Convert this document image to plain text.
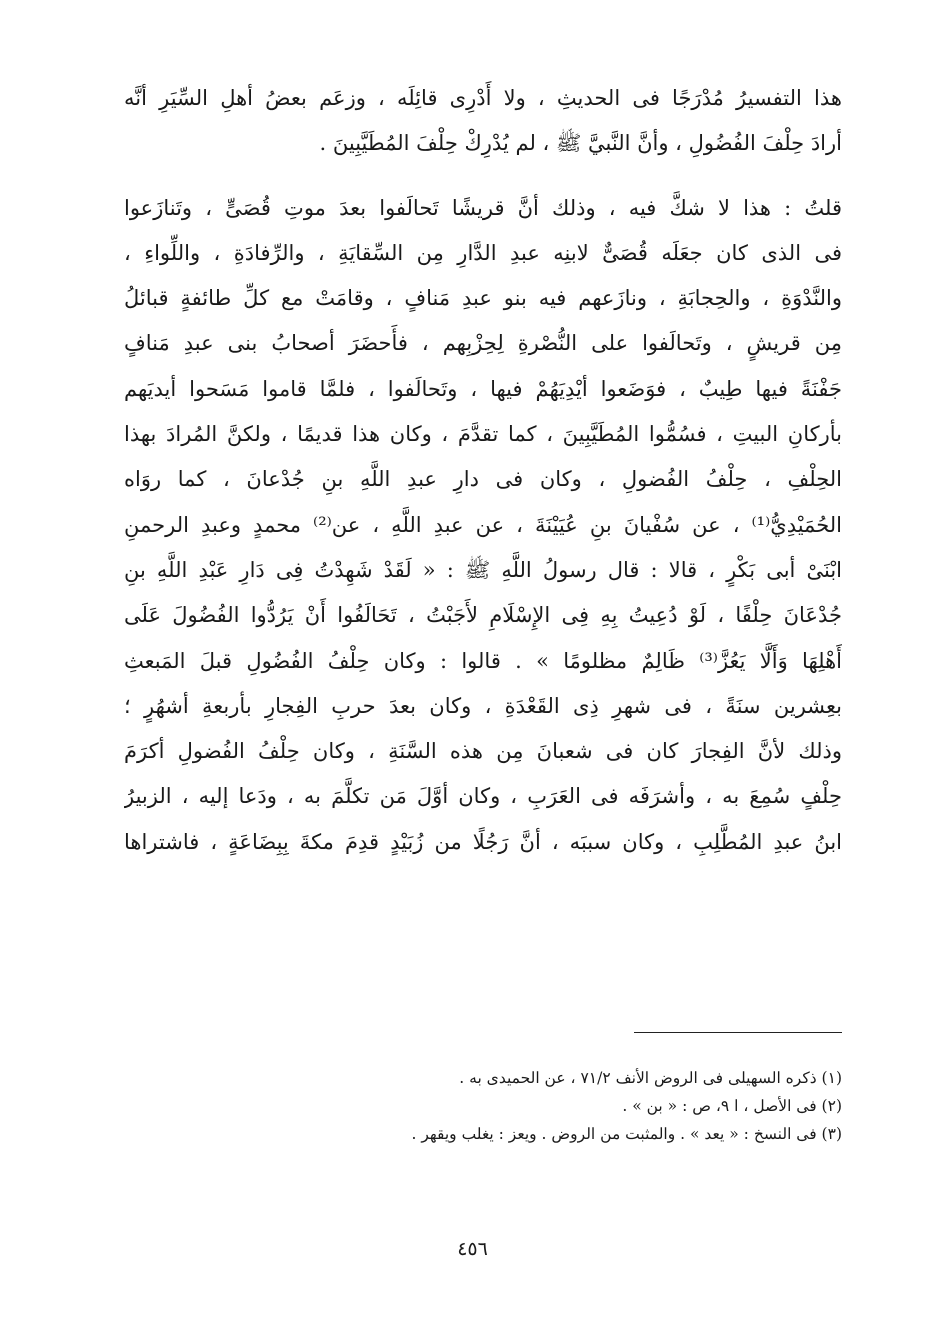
هذا التفسيرُ مُدْرَجًا فى الحديثِ ، ولا أَدْرِى قائِلَه ، وزعَم بعضُ أهلِ السِّيَرِ أنَّه
أرادَ حِلْفَ الفُضُولِ ، وأنَّ النَّبيَّ ﷺ ، لم يُدْرِكْ حِلْفَ المُطَيَّبِينَ .
قلتُ : هذا لا شكَّ فيه ، وذلك أنَّ قريشًا تَحالَفوا بعدَ موتِ قُصَىٍّ ، وتَنازَعوا
فى الذى كان جعَلَه قُصَىٌّ لابنِه عبدِ الدَّارِ مِن السِّقايَةِ ، والرِّفادَةِ ، واللِّواءِ ،
والنَّدْوَةِ ، والحِجابَةِ ، ونازَعهم فيه بنو عبدِ مَنافٍ ، وقامَتْ مع كلِّ طائفةٍ قبائلُ
مِن قريشٍ ، وتَحالَفوا على النُّصْرةِ لِحِزْبِهم ، فأَحضَرَ أصحابُ بنى عبدِ مَنافٍ
جَفْنَةً فيها طِيبٌ ، فوَضَعوا أيْدِيَهُمْ فيها ، وتَحالَفوا ، فلمَّا قاموا مَسَحوا أيديَهم
بأركانِ البيتِ ، فسُمُّوا المُطَيَّبِينَ ، كما تقدَّمَ ، وكان هذا قديمًا ، ولكنَّ المُرادَ بهذا
الحِلْفِ ، حِلْفُ الفُضولِ ، وكان فى دارِ عبدِ اللَّهِ بنِ جُدْعانَ ، كما روَاه
الحُمَيْدِيُّ⁽¹⁾ ، عن سُفْيانَ بنِ عُيَيْنَةَ ، عن عبدِ اللَّهِ ، عن⁽²⁾ محمدٍ وعبدِ الرحمنِ
ابْنَىْ أبى بَكْرٍ ، قالا : قال رسولُ اللَّهِ ﷺ : « لَقَدْ شَهِدْتُ فِى دَارِ عَبْدِ اللَّهِ بنِ
جُدْعَانَ حِلْفًا ، لَوْ دُعِيتُ بِهِ فِى الإِسْلَامِ لأَجَبْتُ ، تَحَالَفُوا أَنْ يَرُدُّوا الفُضُولَ عَلَى
أَهْلِهَا وَأَلَّا يَعُزَّ⁽³⁾ ظَالِمٌ مظلومًا » . قالوا : وكان حِلْفُ الفُضُولِ قبلَ المَبعثِ
بعِشرين سنَةً ، فى شهرِ ذِى القَعْدَةِ ، وكان بعدَ حربِ الفِجارِ بأربعةِ أشهُرٍ ؛
وذلك لأنَّ الفِجارَ كان فى شعبانَ مِن هذه السَّنَةِ ، وكان حِلْفُ الفُضولِ أكرَمَ
حِلْفٍ سُمِعَ به ، وأشرَفَه فى العَرَبِ ، وكان أوَّلَ مَن تكلَّمَ به ، ودَعا إليه ، الزبيرُ
ابنُ عبدِ المُطَّلِبِ ، وكان سببَه ، أنَّ رَجُلًا من زُبَيْدٍ قدِمَ مكةَ بِبِضَاعَةٍ ، فاشتراها
(١) ذكره السهيلى فى الروض الأنف ٧١/٢ ، عن الحميدى به .
(٢) فى الأصل ، ا ٩، ص : « بن » .
(٣) فى النسخ : « يعد » . والمثبت من الروض . ويعز : يغلب ويقهر .
٤٥٦
